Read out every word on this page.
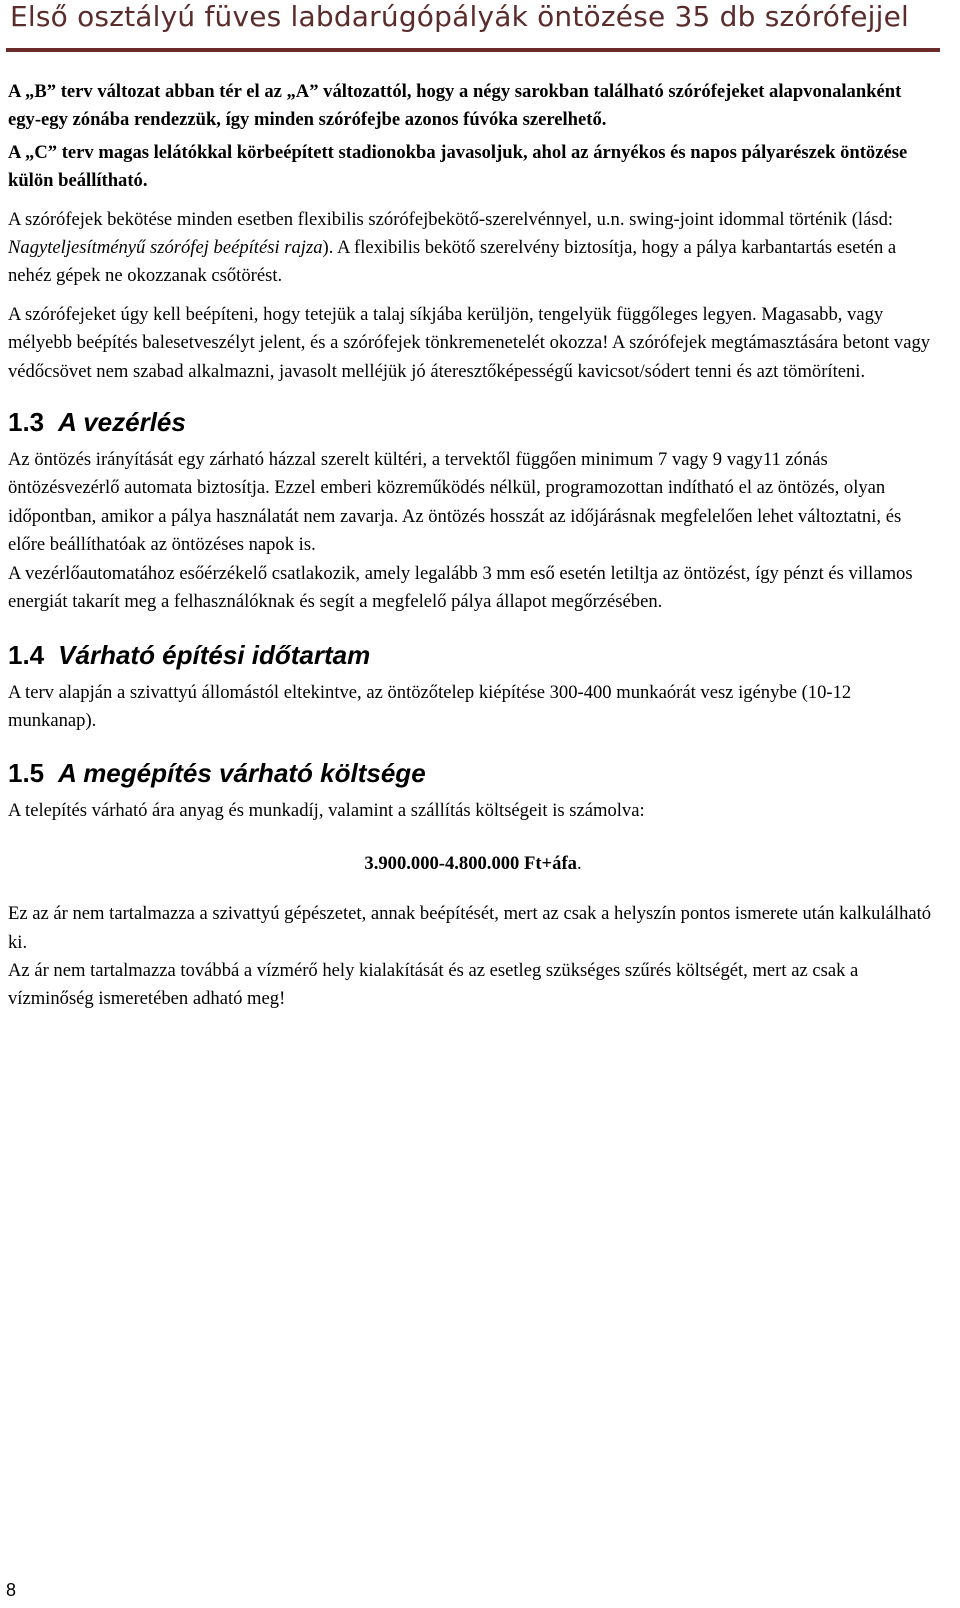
Első osztályú füves labdarúgópályák öntözése 35 db szórófejjel

A „B” terv változat abban tér el az „A” változattól, hogy a négy sarokban található szórófejeket alapvonalanként egy-egy zónába rendezzük, így minden szórófejbe azonos fúvóka szerelhető.

A „C” terv magas lelátókkal körbeépített stadionokba javasoljuk, ahol az árnyékos és napos pályarészek öntözése külön beállítható.

A szórófejek bekötése minden esetben flexibilis szórófejbekötő-szerelvénnyel, u.n. swing-joint idommal történik (lásd: Nagyteljesítményű szórófej beépítési rajza). A flexibilis bekötő szerelvény biztosítja, hogy a pálya karbantartás esetén a nehéz gépek ne okozzanak csőtörést.

A szórófejeket úgy kell beépíteni, hogy tetejük a talaj síkjába kerüljön, tengelyük függőleges legyen. Magasabb, vagy mélyebb beépítés balesetveszélyt jelent, és a szórófejek tönkremenetelét okozza! A szórófejek megtámasztására betont vagy védőcsövet nem szabad alkalmazni, javasolt melléjük jó áteresztőképességű kavicsot/sódert tenni és azt tömöríteni.

1.3 A vezérlés

Az öntözés irányítását egy zárható házzal szerelt kültéri, a tervektől függően minimum 7 vagy 9 vagy11 zónás öntözésvezérlő automata biztosítja. Ezzel emberi közreműködés nélkül, programozottan indítható el az öntözés, olyan időpontban, amikor a pálya használatát nem zavarja. Az öntözés hosszát az időjárásnak megfelelően lehet változtatni, és előre beállíthatóak az öntözéses napok is.

A vezérlőautomatához esőérzékelő csatlakozik, amely legalább 3 mm eső esetén letiltja az öntözést, így pénzt és villamos energiát takarít meg a felhasználóknak és segít a megfelelő pálya állapot megőrzésében.

1.4 Várható építési időtartam

A terv alapján a szivattyú állomástól eltekintve, az öntözőtelep kiépítése 300-400 munkaórát vesz igénybe (10-12 munkanap).

1.5 A megépítés várható költsége

A telepítés várható ára anyag és munkadíj, valamint a szállítás költségeit is számolva:

3.900.000-4.800.000 Ft+áfa.

Ez az ár nem tartalmazza a szivattyú gépészetet, annak beépítését, mert az csak a helyszín pontos ismerete után kalkulálható ki.

Az ár nem tartalmazza továbbá a vízmérő hely kialakítását és az esetleg szükséges szűrés költségét, mert az csak a vízminőség ismeretében adható meg!

8
